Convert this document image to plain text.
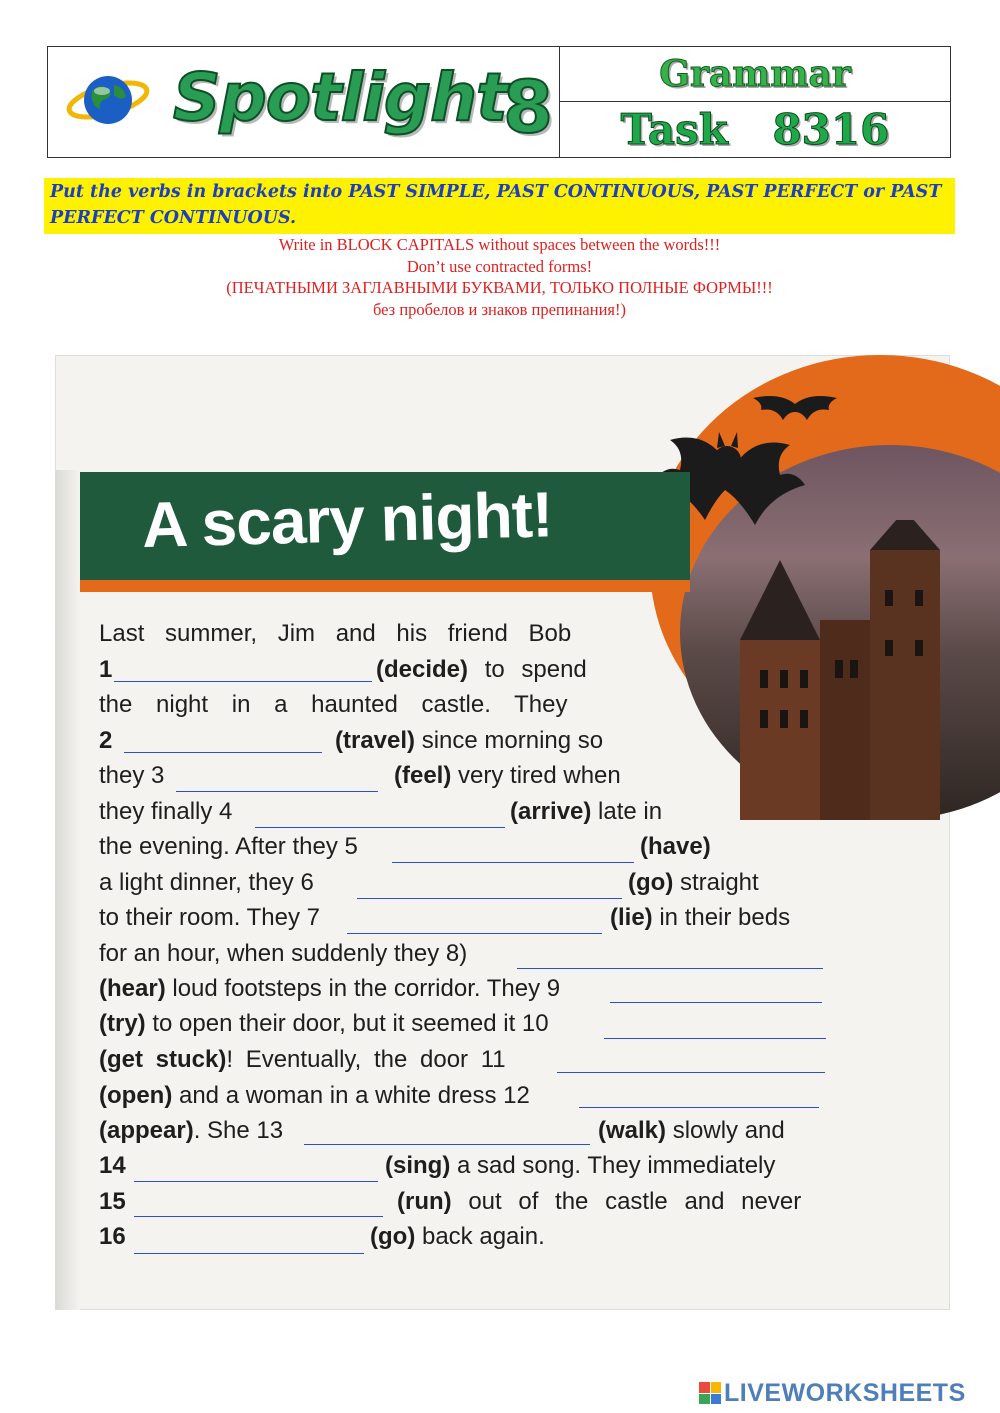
Spotlight
8	Grammar
Task 8316
Put the verbs in brackets into PAST SIMPLE, PAST CONTINUOUS, PAST PERFECT or PAST PERFECT CONTINUOUS.
Write in BLOCK CAPITALS without spaces between the words!!!
Don’t use contracted forms!
(ПЕЧАТНЫМИ ЗАГЛАВНЫМИ БУКВАМИ, ТОЛЬКО ПОЛНЫЕ ФОРМЫ!!!
без пробелов и знаков препинания!)
A scary night!
Last summer, Jim and his friend Bob
1	(decide) to spend
the night in a haunted castle. They
2	(travel) since morning so
they 3	(feel) very tired when
they finally 4	(arrive) late in
the evening. After they 5	(have)
a light dinner, they 6	(go) straight
to their room. They 7	(lie) in their beds
for an hour, when suddenly they 8)
(hear) loud footsteps in the corridor. They 9
(try) to open their door, but it seemed it 10
(get stuck)! Eventually, the door 11
(open) and a woman in a white dress 12
(appear). She 13	(walk) slowly and
14	(sing) a sad song. They immediately
15	(run) out of the castle and never
16	(go) back again.
LIVEWORKSHEETS
